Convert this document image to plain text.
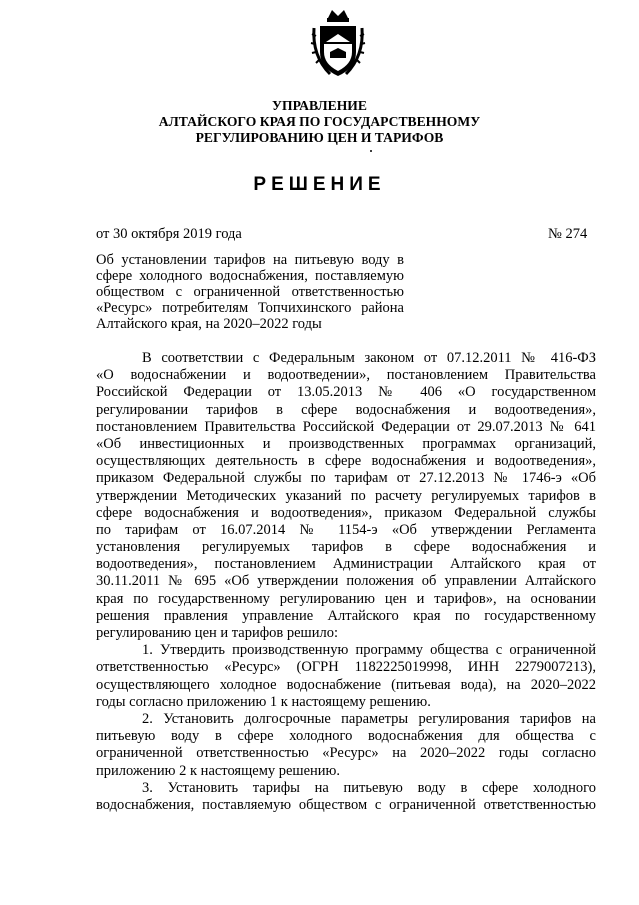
УПРАВЛЕНИЕ
АЛТАЙСКОГО КРАЯ ПО ГОСУДАРСТВЕННОМУ
РЕГУЛИРОВАНИЮ ЦЕН И ТАРИФОВ
РЕШЕНИЕ
от 30 октября 2019 года	№ 274
Об установлении тарифов на питьевую воду в
сфере холодного водоснабжения, поставляемую
обществом с ограниченной ответственностью
«Ресурс» потребителям Топчихинского района
Алтайского края, на 2020–2022 годы
В соответствии с Федеральным законом от 07.12.2011 № 416-ФЗ
«О водоснабжении и водоотведении», постановлением Правительства
Российской Федерации от 13.05.2013 № 406 «О государственном
регулировании тарифов в сфере водоснабжения и водоотведения»,
постановлением Правительства Российской Федерации от 29.07.2013 № 641
«Об инвестиционных и производственных программах организаций,
осуществляющих деятельность в сфере водоснабжения и водоотведения»,
приказом Федеральной службы по тарифам от 27.12.2013 № 1746-э «Об
утверждении Методических указаний по расчету регулируемых тарифов в
сфере водоснабжения и водоотведения», приказом Федеральной службы
по тарифам от 16.07.2014 № 1154-э «Об утверждении Регламента
установления регулируемых тарифов в сфере водоснабжения и
водоотведения», постановлением Администрации Алтайского края от
30.11.2011 № 695 «Об утверждении положения об управлении Алтайского
края по государственному регулированию цен и тарифов», на основании
решения правления управление Алтайского края по государственному
регулированию цен и тарифов решило:
1. Утвердить производственную программу общества с ограниченной
ответственностью «Ресурс» (ОГРН 1182225019998, ИНН 2279007213),
осуществляющего холодное водоснабжение (питьевая вода), на 2020–2022
годы согласно приложению 1 к настоящему решению.
2. Установить долгосрочные параметры регулирования тарифов на
питьевую воду в сфере холодного водоснабжения для общества с
ограниченной ответственностью «Ресурс» на 2020–2022 годы согласно
приложению 2 к настоящему решению.
3. Установить тарифы на питьевую воду в сфере холодного
водоснабжения, поставляемую обществом с ограниченной ответственностью
